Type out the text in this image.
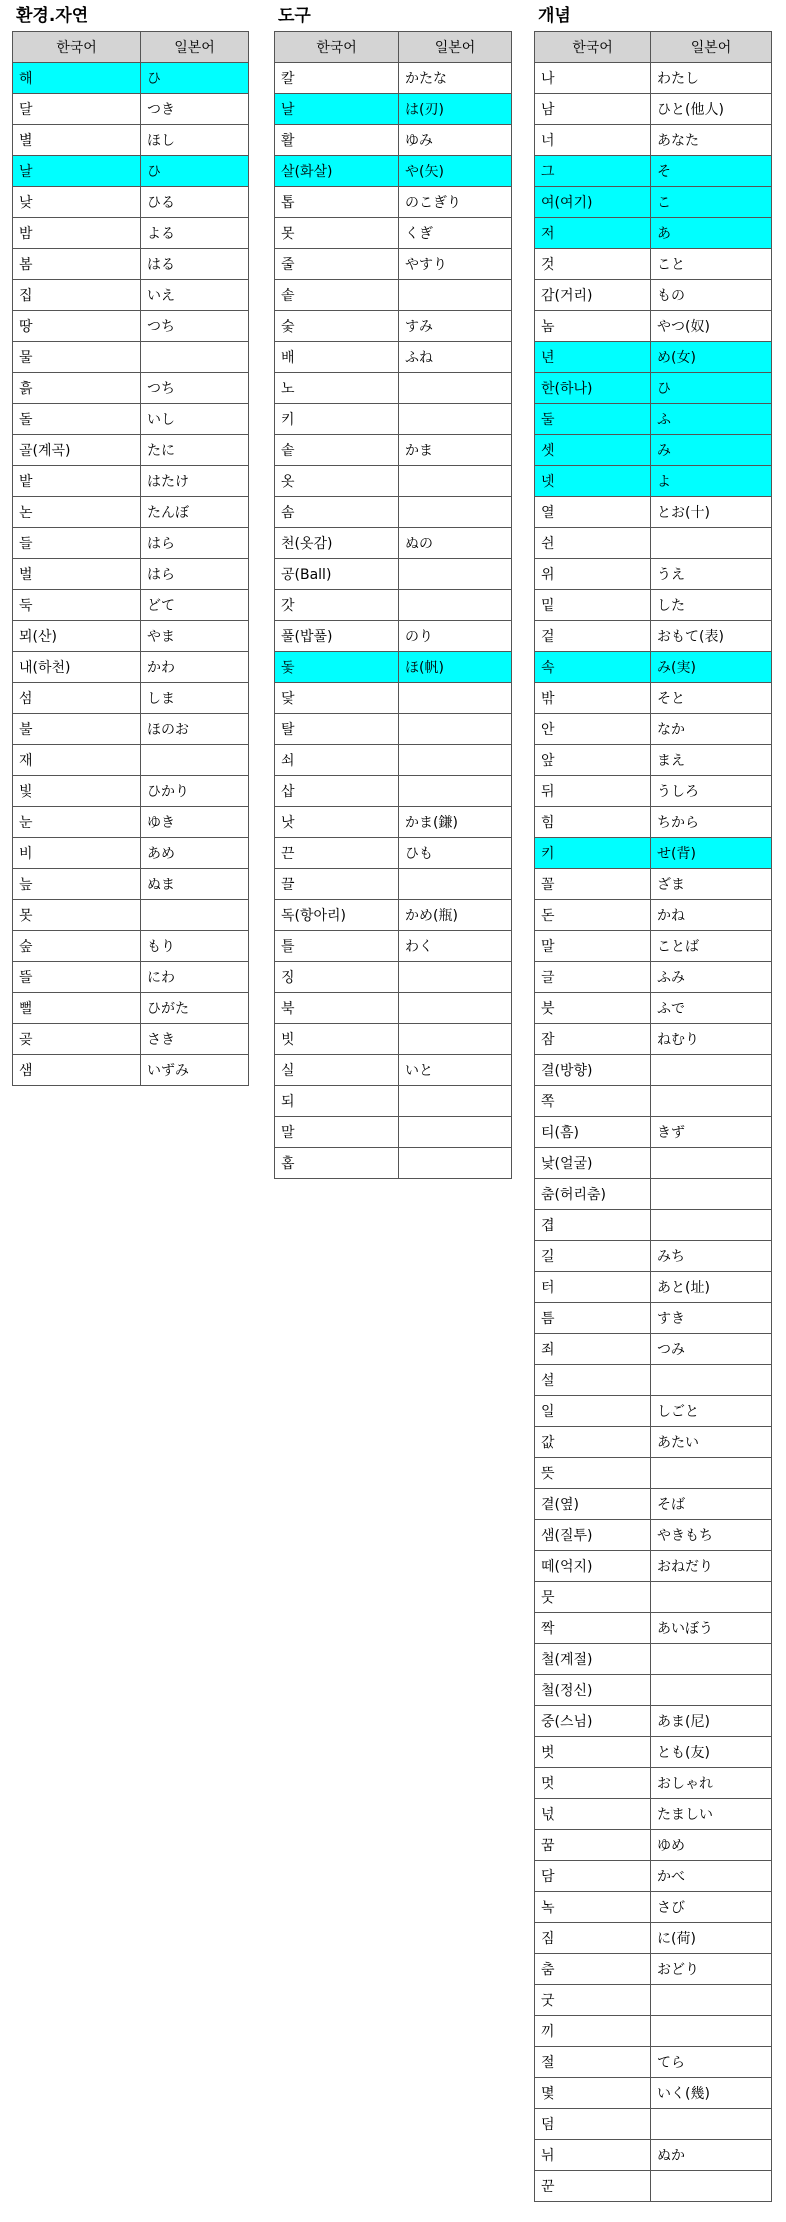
환경.자연
한국어	일본어
해	ひ
달	つき
별	ほし
날	ひ
낮	ひる
밤	よる
봄	はる
집	いえ
땅	つち
물	
흙	つち
돌	いし
골(계곡)	たに
밭	はたけ
논	たんぼ
들	はら
벌	はら
둑	どて
뫼(산)	やま
내(하천)	かわ
섬	しま
불	ほのお
재	
빛	ひかり
눈	ゆき
비	あめ
늪	ぬま
못	
숲	もり
뜰	にわ
뻘	ひがた
곶	さき
샘	いずみ
도구
한국어	일본어
칼	かたな
날	は(刃)
활	ゆみ
살(화살)	や(矢)
톱	のこぎり
못	くぎ
줄	やすり
솥	
숯	すみ
배	ふね
노	
키	
솥	かま
옷	
솜	
천(옷감)	ぬの
공(Ball)	
갓	
풀(밥풀)	のり
돛	ほ(帆)
닻	
탈	
쇠	
삽	
낫	かま(鎌)
끈	ひも
끌	
독(항아리)	かめ(瓶)
틀	わく
징	
북	
빗	
실	いと
되	
말	
홉	
개념
한국어	일본어
나	わたし
남	ひと(他人)
너	あなた
그	そ
여(여기)	こ
저	あ
것	こと
감(거리)	もの
놈	やつ(奴)
년	め(女)
한(하나)	ひ
둘	ふ
셋	み
넷	よ
열	とお(十)
쉰	
위	うえ
밑	した
겉	おもて(表)
속	み(実)
밖	そと
안	なか
앞	まえ
뒤	うしろ
힘	ちから
키	せ(背)
꼴	ざま
돈	かね
말	ことば
글	ふみ
붓	ふで
잠	ねむり
결(방향)	
쪽	
티(흠)	きず
낯(얼굴)	
춤(허리춤)	
겹	
길	みち
터	あと(址)
틈	すき
죄	つみ
설	
일	しごと
값	あたい
뜻	
곁(옆)	そば
샘(질투)	やきもち
떼(억지)	おねだり
뭇	
짝	あいぼう
철(계절)	
철(정신)	
중(스님)	あま(尼)
벗	とも(友)
멋	おしゃれ
넋	たましい
꿈	ゆめ
담	かべ
녹	さび
짐	に(荷)
춤	おどり
굿	
끼	
절	てら
몇	いく(幾)
덤	
뉘	ぬか
꾼	
